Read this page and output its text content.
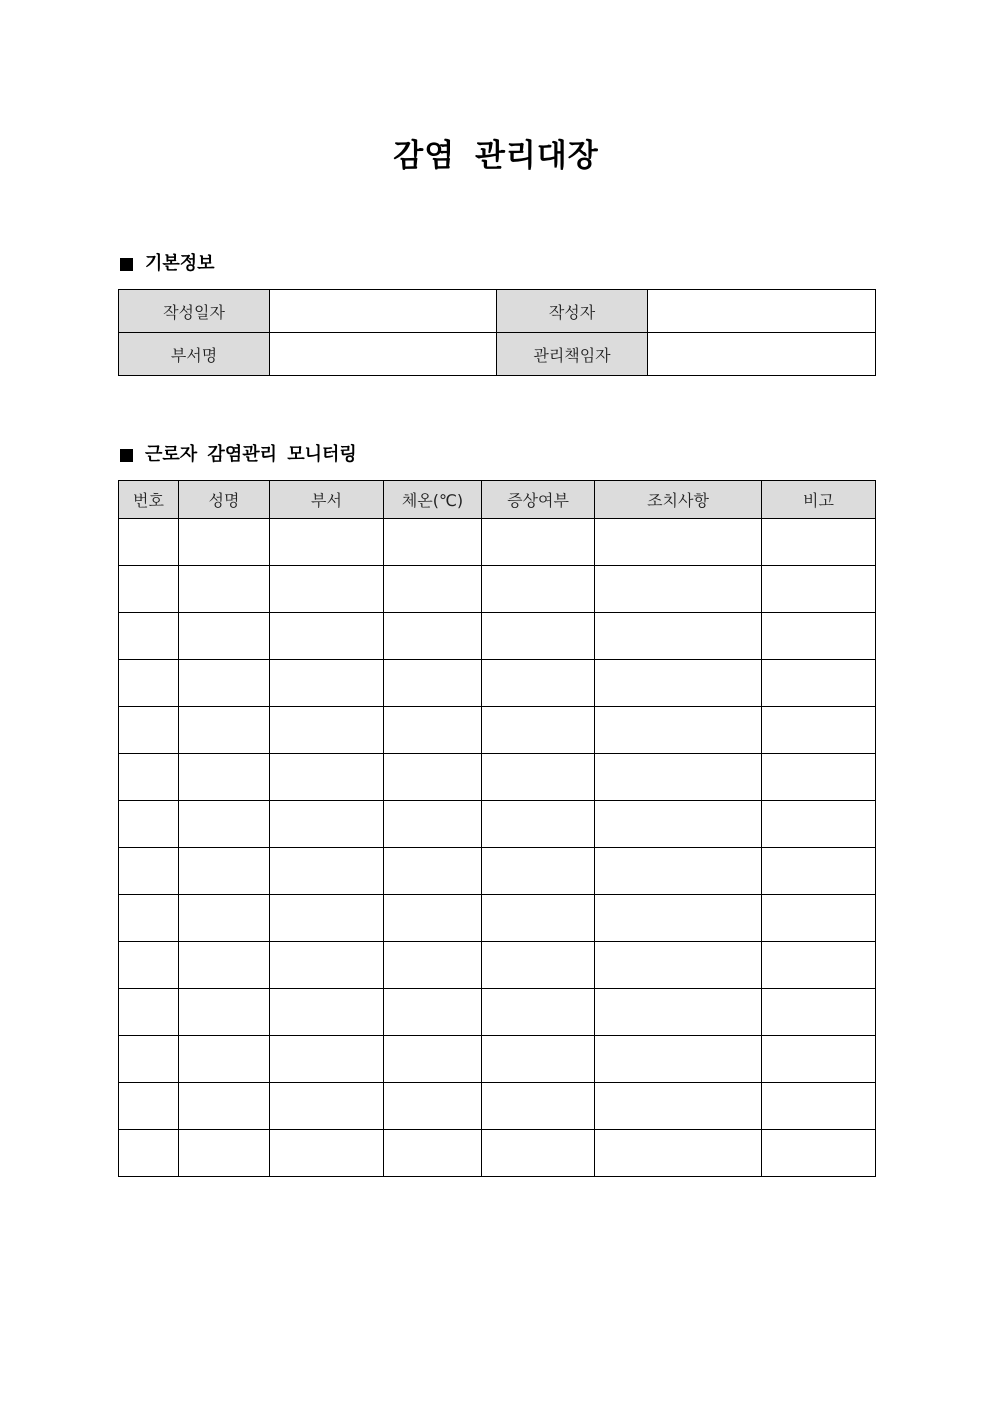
감염 관리대장
기본정보
작성일자		작성자	
부서명		관리책임자	
근로자 감염관리 모니터링
번호	성명	부서	체온(℃)	증상여부	조치사항	비고
